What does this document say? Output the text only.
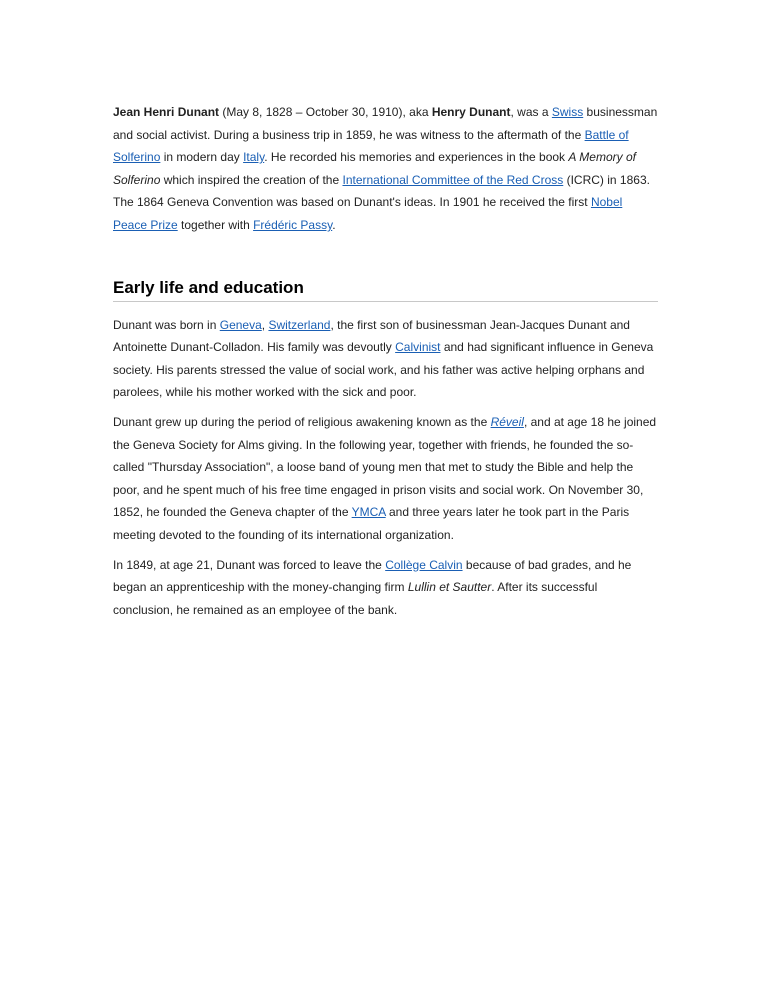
Jean Henri Dunant (May 8, 1828 – October 30, 1910), aka Henry Dunant, was a Swiss businessman and social activist. During a business trip in 1859, he was witness to the aftermath of the Battle of Solferino in modern day Italy. He recorded his memories and experiences in the book A Memory of Solferino which inspired the creation of the International Committee of the Red Cross (ICRC) in 1863. The 1864 Geneva Convention was based on Dunant's ideas. In 1901 he received the first Nobel Peace Prize together with Frédéric Passy.

Early life and education

Dunant was born in Geneva, Switzerland, the first son of businessman Jean-Jacques Dunant and Antoinette Dunant-Colladon. His family was devoutly Calvinist and had significant influence in Geneva society. His parents stressed the value of social work, and his father was active helping orphans and parolees, while his mother worked with the sick and poor.

Dunant grew up during the period of religious awakening known as the Réveil, and at age 18 he joined the Geneva Society for Alms giving. In the following year, together with friends, he founded the so-called "Thursday Association", a loose band of young men that met to study the Bible and help the poor, and he spent much of his free time engaged in prison visits and social work. On November 30, 1852, he founded the Geneva chapter of the YMCA and three years later he took part in the Paris meeting devoted to the founding of its international organization.

In 1849, at age 21, Dunant was forced to leave the Collège Calvin because of bad grades, and he began an apprenticeship with the money-changing firm Lullin et Sautter. After its successful conclusion, he remained as an employee of the bank.
